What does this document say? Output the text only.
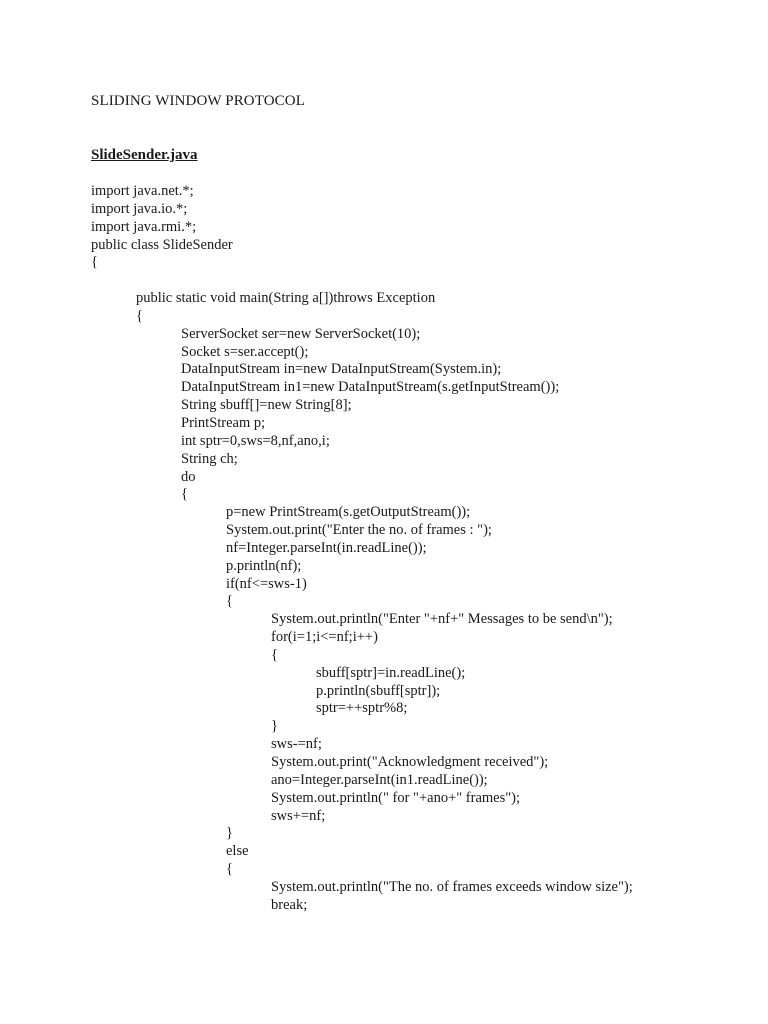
SLIDING WINDOW PROTOCOL
SlideSender.java
import java.net.*;
import java.io.*;
import java.rmi.*;
public class SlideSender
{
public static void main(String a[])throws Exception
{
ServerSocket ser=new ServerSocket(10);
Socket s=ser.accept();
DataInputStream in=new DataInputStream(System.in);
DataInputStream in1=new DataInputStream(s.getInputStream());
String sbuff[]=new String[8];
PrintStream p;
int sptr=0,sws=8,nf,ano,i;
String ch;
do
{
p=new PrintStream(s.getOutputStream());
System.out.print("Enter the no. of frames : ");
nf=Integer.parseInt(in.readLine());
p.println(nf);
if(nf<=sws-1)
{
System.out.println("Enter "+nf+" Messages to be send\n");
for(i=1;i<=nf;i++)
{
sbuff[sptr]=in.readLine();
p.println(sbuff[sptr]);
sptr=++sptr%8;
}
sws-=nf;
System.out.print("Acknowledgment received");
ano=Integer.parseInt(in1.readLine());
System.out.println(" for "+ano+" frames");
sws+=nf;
}
else
{
System.out.println("The no. of frames exceeds window size");
break;
